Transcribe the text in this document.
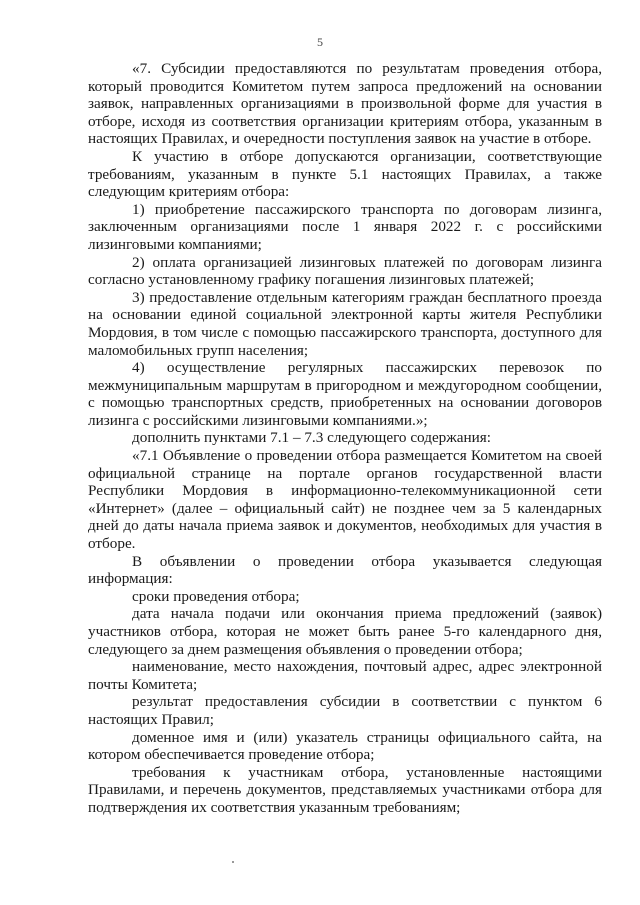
5

«7. Субсидии предоставляются по результатам проведения отбора, который проводится Комитетом путем запроса предложений на основании заявок, направленных организациями в произвольной форме для участия в отборе, исходя из соответствия организации критериям отбора, указанным в настоящих Правилах, и очередности поступления заявок на участие в отборе.

К участию в отборе допускаются организации, соответствующие требованиям, указанным в пункте 5.1 настоящих Правилах, а также следующим критериям отбора:

1) приобретение пассажирского транспорта по договорам лизинга, заключенным организациями после 1 января 2022 г. с российскими лизинговыми компаниями;

2) оплата организацией лизинговых платежей по договорам лизинга согласно установленному графику погашения лизинговых платежей;

3) предоставление отдельным категориям граждан бесплатного проезда на основании единой социальной электронной карты жителя Республики Мордовия, в том числе с помощью пассажирского транспорта, доступного для маломобильных групп населения;

4) осуществление регулярных пассажирских перевозок по межмуниципальным маршрутам в пригородном и междугородном сообщении, с помощью транспортных средств, приобретенных на основании договоров лизинга с российскими лизинговыми компаниями.»;

дополнить пунктами 7.1 – 7.3 следующего содержания:

«7.1 Объявление о проведении отбора размещается Комитетом на своей официальной странице на портале органов государственной власти Республики Мордовия в информационно-телекоммуникационной сети «Интернет» (далее – официальный сайт) не позднее чем за 5 календарных дней до даты начала приема заявок и документов, необходимых для участия в отборе.

В объявлении о проведении отбора указывается следующая информация:

сроки проведения отбора;

дата начала подачи или окончания приема предложений (заявок) участников отбора, которая не может быть ранее 5-го календарного дня, следующего за днем размещения объявления о проведении отбора;

наименование, место нахождения, почтовый адрес, адрес электронной почты Комитета;

результат предоставления субсидии в соответствии с пунктом 6 настоящих Правил;

доменное имя и (или) указатель страницы официального сайта, на котором обеспечивается проведение отбора;

требования к участникам отбора, установленные настоящими Правилами, и перечень документов, представляемых участниками отбора для подтверждения их соответствия указанным требованиям;
